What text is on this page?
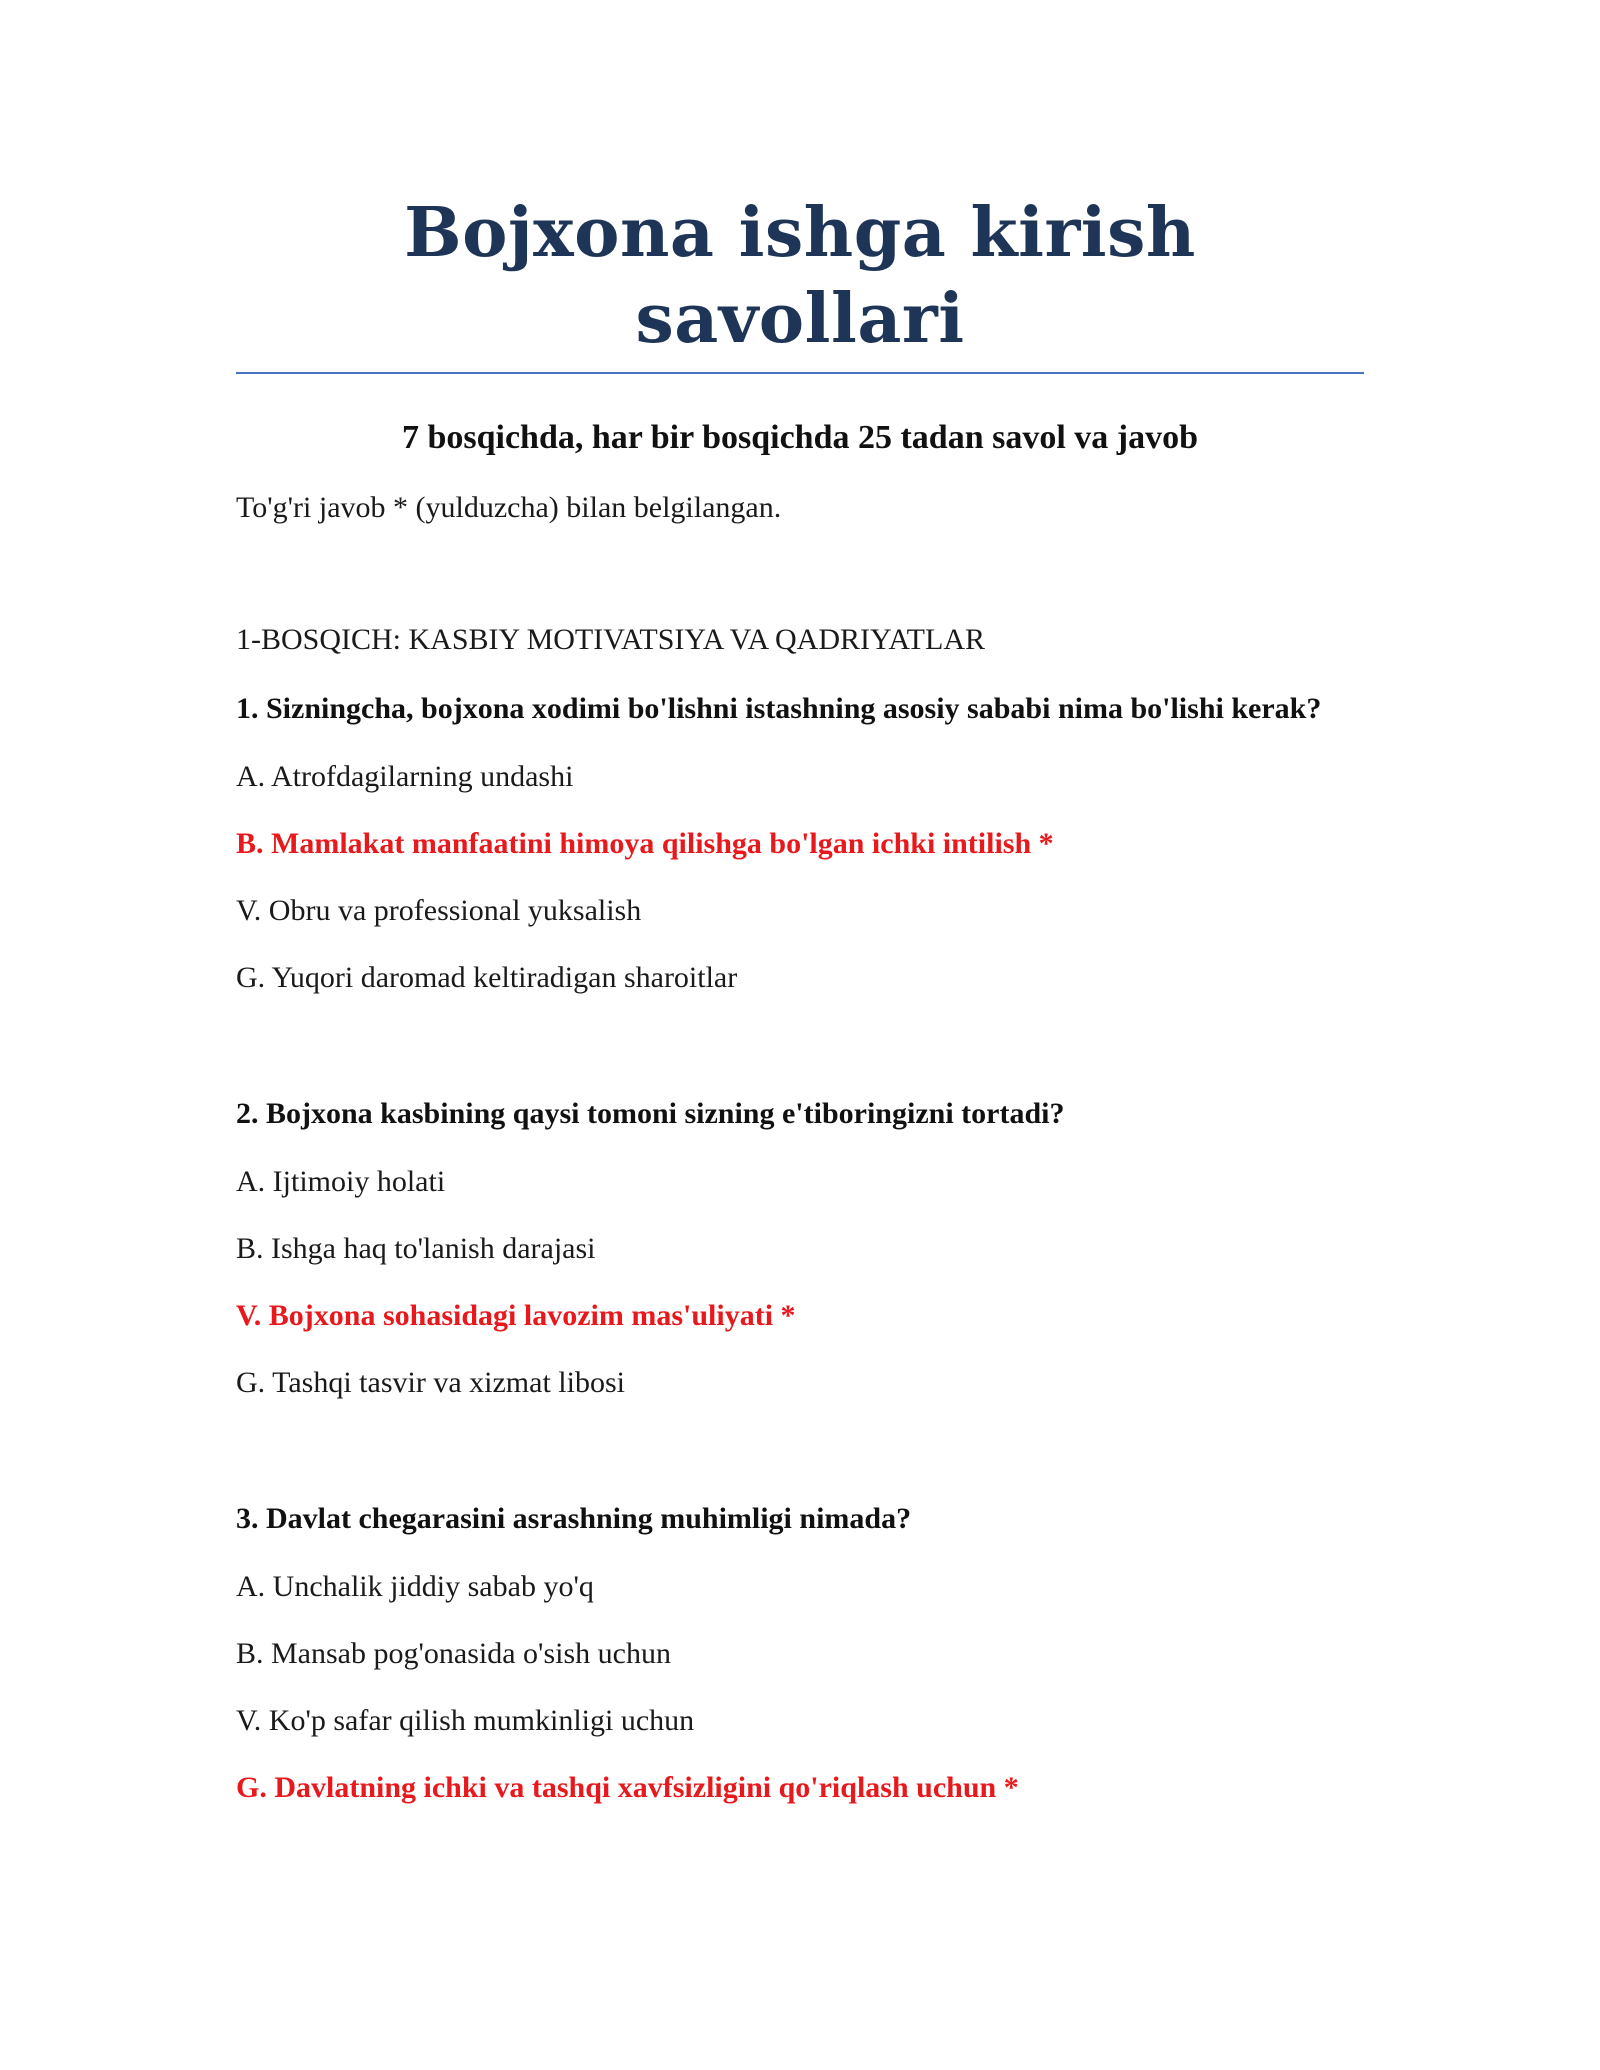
Bojxona ishga kirish savollari
7 bosqichda, har bir bosqichda 25 tadan savol va javob

To'g'ri javob * (yulduzcha) bilan belgilangan.

1-BOSQICH: KASBIY MOTIVATSIYA VA QADRIYATLAR

1. Sizningcha, bojxona xodimi bo'lishni istashning asosiy sababi nima bo'lishi kerak?

A. Atrofdagilarning undashi

B. Mamlakat manfaatini himoya qilishga bo'lgan ichki intilish *

V. Obru va professional yuksalish

G. Yuqori daromad keltiradigan sharoitlar

2. Bojxona kasbining qaysi tomoni sizning e'tiboringizni tortadi?

A. Ijtimoiy holati

B. Ishga haq to'lanish darajasi

V. Bojxona sohasidagi lavozim mas'uliyati *

G. Tashqi tasvir va xizmat libosi

3. Davlat chegarasini asrashning muhimligi nimada?

A. Unchalik jiddiy sabab yo'q

B. Mansab pog'onasida o'sish uchun

V. Ko'p safar qilish mumkinligi uchun

G. Davlatning ichki va tashqi xavfsizligini qo'riqlash uchun *
